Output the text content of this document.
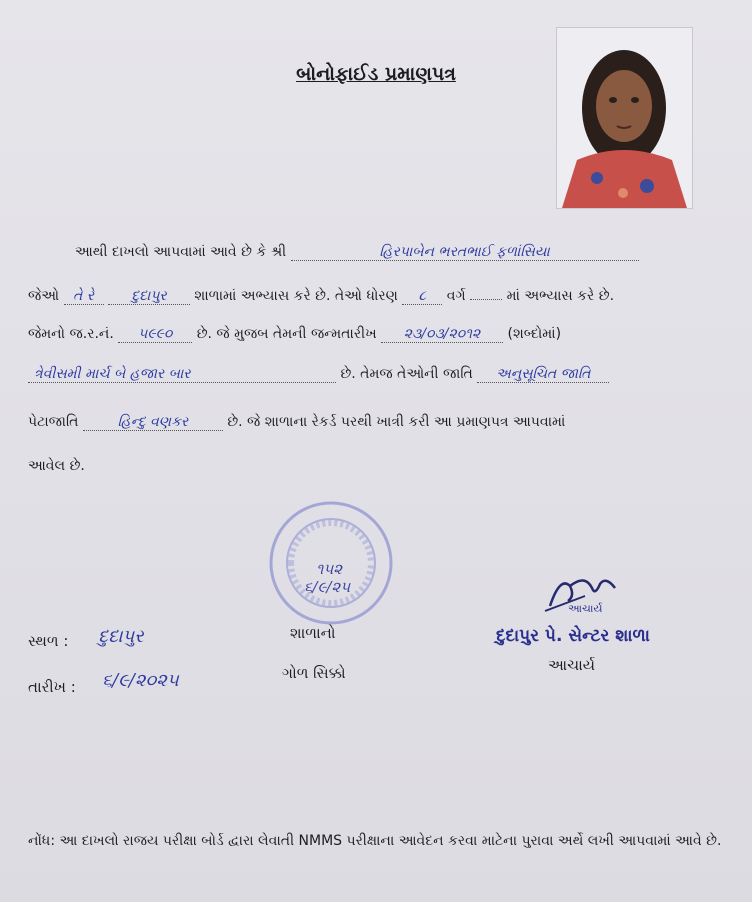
બોનોફાઈડ પ્રમાણપત્ર
આથી દાખલો આપવામાં આવે છે કે શ્રી	હિરપાબેન ભરતભાઈ ફળાંસિયા
જેઓ તે રે	દુદાપુર શાળામાં અભ્યાસ કરે છે. તેઓ ધોરણ ૮ વર્ગ	માં અભ્યાસ કરે છે.
જેમનો જ.ર.નં. ૫૯૯૦ છે. જે મુજબ તેમની જન્મતારીખ ૨૩/૦૩/૨૦૧૨ (શબ્દોમાં)
ત્રેવીસમી માર્ચ બે હજાર બાર	છે. તેમજ તેઓની જાતિ અનુસૂચિત જાતિ
પેટાજાતિ	હિન્દુ વણકર	છે. જે શાળાના રેકર્ડ પરથી ખાત્રી કરી આ પ્રમાણપત્ર આપવામાં
આવેલ છે.
૧૫૨
૬/૯/૨૫
આચાર્ય
દુદાપુર પે. સેન્ટર શાળા
આચાર્ય
સ્થળ :	દુદાપુર
તારીખ :	૬/૯/૨૦૨૫
શાળાનો
ગોળ સિક્કો
નોંધ: આ દાખલો રાજય પરીક્ષા બોર્ડ દ્વારા લેવાતી NMMS પરીક્ષાના આવેદન કરવા માટેના પુરાવા અર્થે લખી આપવામાં આવે છે.
